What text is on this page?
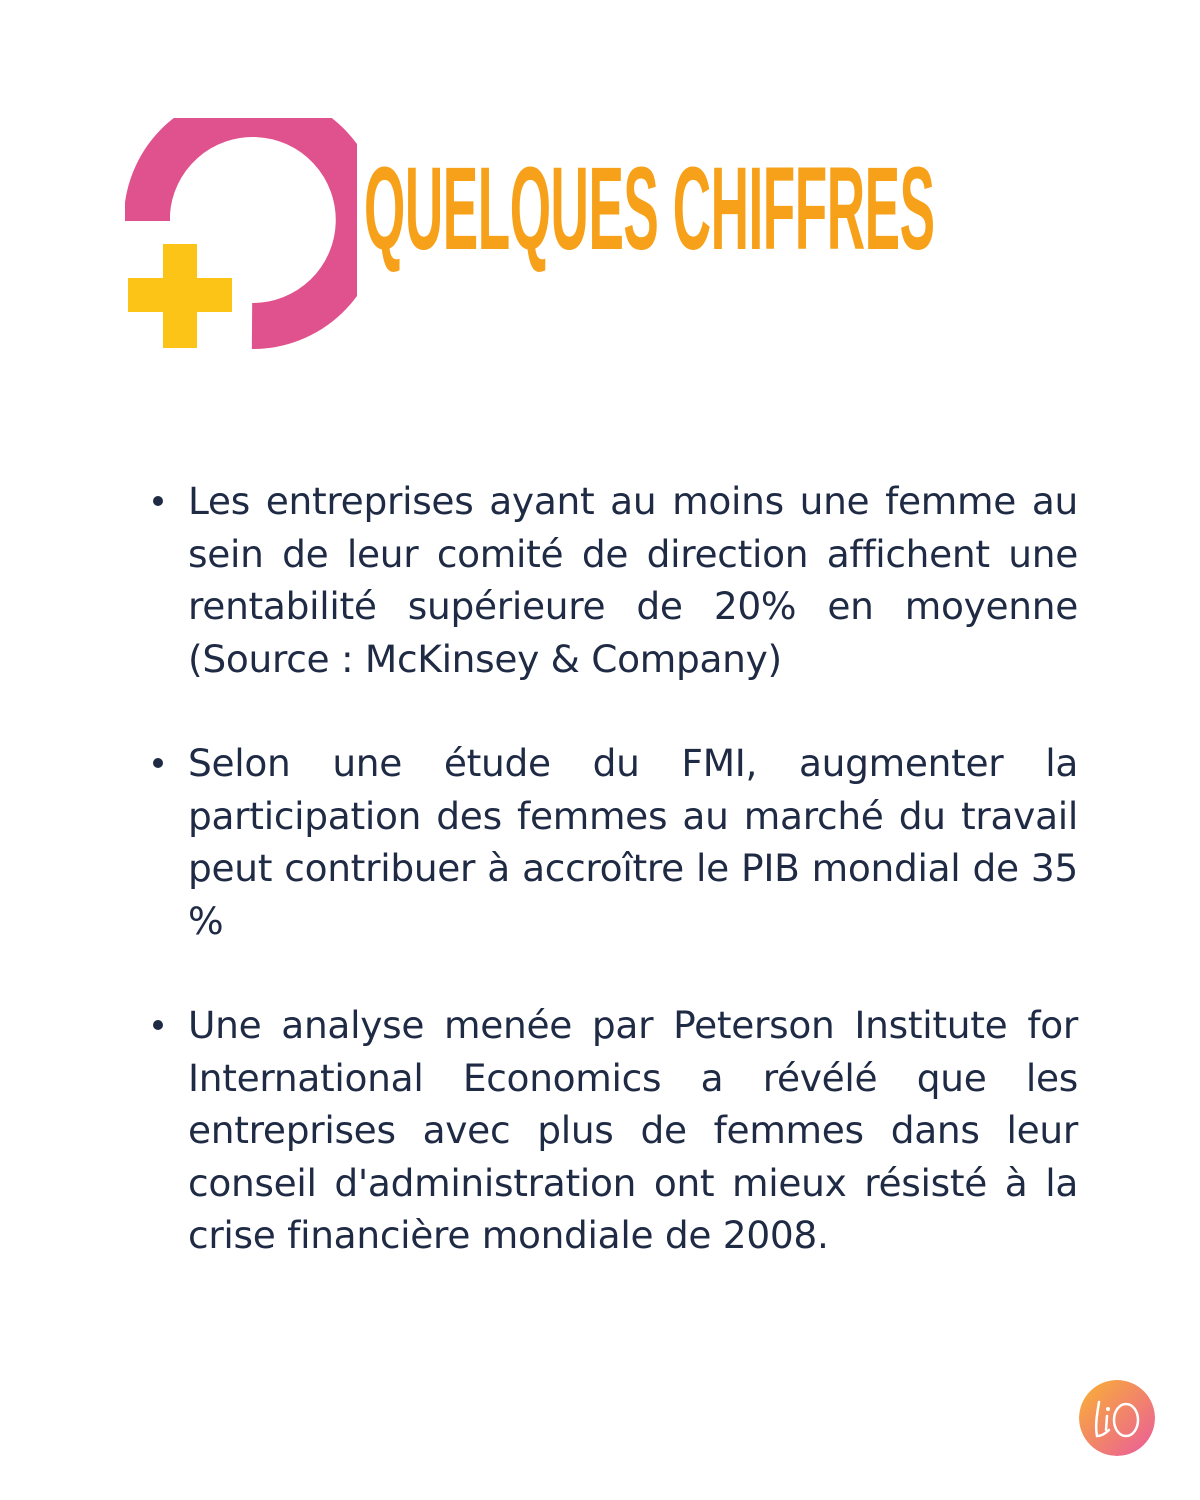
QUELQUES CHIFFRES
Les entreprises ayant au moins une femme au sein de leur comité de direction affichent une rentabilité supérieure de 20% en moyenne (Source : McKinsey & Company)
Selon une étude du FMI, augmenter la participation des femmes au marché du travail peut contribuer à accroître le PIB mondial de 35 %
Une analyse menée par Peterson Institute for International Economics a révélé que les entreprises avec plus de femmes dans leur conseil d'administration ont mieux résisté à la crise financière mondiale de 2008.
